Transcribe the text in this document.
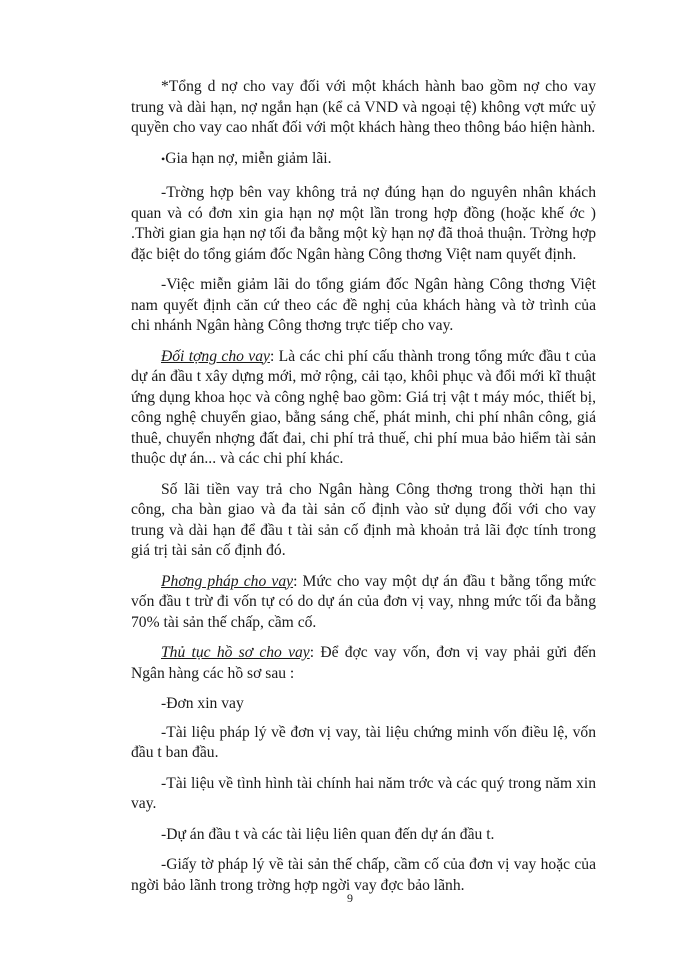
*Tổng d nợ cho vay đối với một khách hành bao gồm nợ cho vay trung và dài hạn, nợ ngắn hạn (kể cả VND và ngoại tệ) không vợt mức uỷ quyền cho vay cao nhất đối với một khách hàng theo thông báo hiện hành.

•Gia hạn nợ, miễn giảm lãi.

-Trờng hợp bên vay không trả nợ đúng hạn do nguyên nhân khách quan và có đơn xin gia hạn nợ một lần trong hợp đồng (hoặc khế ớc ) .Thời gian gia hạn nợ tối đa bằng một kỳ hạn nợ đã thoả thuận. Trờng hợp đặc biệt do tổng giám đốc Ngân hàng Công thơng Việt nam quyết định.

-Việc miễn giảm lãi do tổng giám đốc Ngân hàng Công thơng Việt nam quyết định căn cứ theo các đề nghị của khách hàng và tờ trình của chi nhánh Ngân hàng Công thơng trực tiếp cho vay.

Đối tợng cho vay: Là các chi phí cấu thành trong tổng mức đầu t của dự án đầu t xây dựng mới, mở rộng, cải tạo, khôi phục và đổi mới kĩ thuật ứng dụng khoa học và công nghệ bao gồm: Giá trị vật t máy móc, thiết bị, công nghệ chuyển giao, bằng sáng chế, phát minh, chi phí nhân công, giá thuê, chuyển nhợng đất đai, chi phí trả thuế, chi phí mua bảo hiểm tài sản thuộc dự án... và các chi phí khác.

Số lãi tiền vay trả cho Ngân hàng Công thơng trong thời hạn thi công, cha bàn giao và đa tài sản cố định vào sử dụng đối với cho vay trung và dài hạn để đầu t tài sản cố định mà khoản trả lãi đợc tính trong giá trị tài sản cố định đó.

Phơng pháp cho vay: Mức cho vay một dự án đầu t bằng tổng mức vốn đầu t trừ đi vốn tự có do dự án của đơn vị vay, nhng mức tối đa bằng 70% tài sản thế chấp, cầm cố.

Thủ tục hồ sơ cho vay: Để đợc vay vốn, đơn vị vay phải gửi đến Ngân hàng các hồ sơ sau :

-Đơn xin vay

-Tài liệu pháp lý về đơn vị vay, tài liệu chứng minh vốn điều lệ, vốn đầu t ban đầu.

-Tài liệu về tình hình tài chính hai năm trớc và các quý trong năm xin vay.

-Dự án đầu t và các tài liệu liên quan đến dự án đầu t.

-Giấy tờ pháp lý về tài sản thế chấp, cầm cố của đơn vị vay hoặc của ngời bảo lãnh trong trờng hợp ngời vay đợc bảo lãnh.

9
